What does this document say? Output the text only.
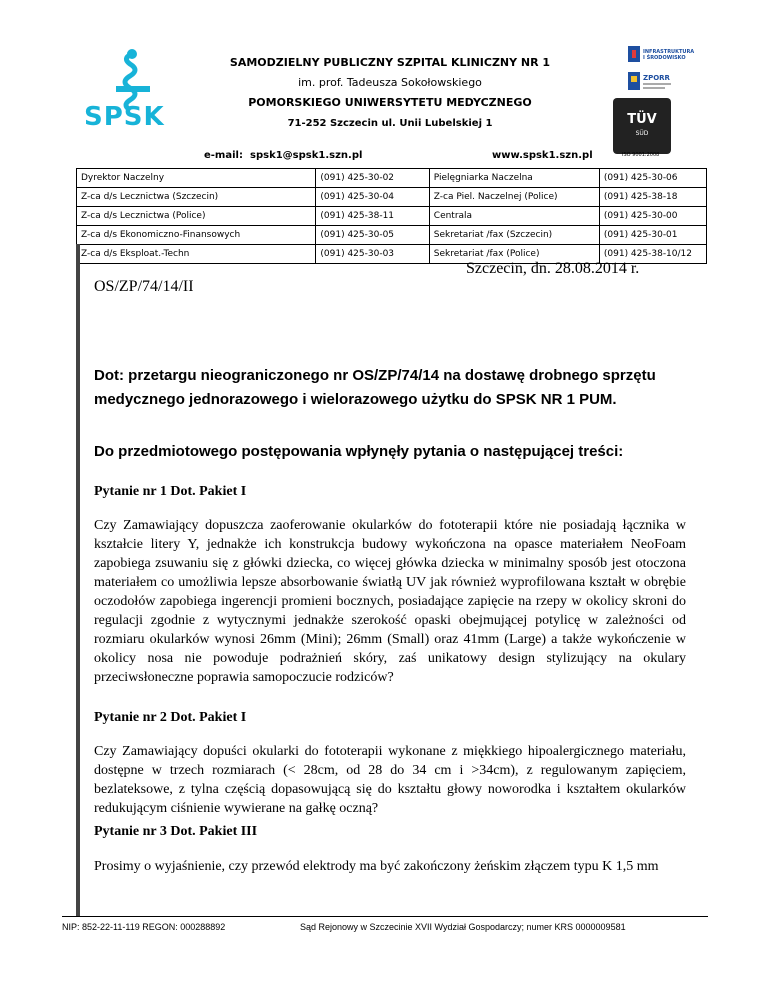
SPSK
SAMODZIELNY PUBLICZNY SZPITAL KLINICZNY NR 1
im. prof. Tadeusza Sokołowskiego
POMORSKIEGO UNIWERSYTETU MEDYCZNEGO
71-252 Szczecin ul. Unii Lubelskiej 1
e-mail: spsk1@spsk1.szn.pl	www.spsk1.szn.pl
INFRASTRUKTURA
I ŚRODOWISKO
ZPORR
TÜV
SÜD
ISO 9001:2008
Dyrektor Naczelny	(091) 425-30-02	Pielęgniarka Naczelna	(091) 425-30-06
Z-ca d/s Lecznictwa (Szczecin)	(091) 425-30-04	Z-ca Piel. Naczelnej (Police)	(091) 425-38-18
Z-ca d/s Lecznictwa (Police)	(091) 425-38-11	Centrala	(091) 425-30-00
Z-ca d/s Ekonomiczno-Finansowych	(091) 425-30-05	Sekretariat /fax (Szczecin)	(091) 425-30-01
Z-ca d/s Eksploat.-Techn	(091) 425-30-03	Sekretariat /fax (Police)	(091) 425-38-10/12
Szczecin, dn. 28.08.2014 r.
OS/ZP/74/14/II
Dot: przetargu nieograniczonego nr OS/ZP/74/14 na dostawę drobnego sprzętu medycznego jednorazowego i wielorazowego użytku do SPSK NR 1 PUM.
Do przedmiotowego postępowania wpłynęły pytania o następującej treści:
Pytanie nr 1 Dot. Pakiet I
Czy Zamawiający dopuszcza zaoferowanie okularków do fototerapii które nie posiadają łącznika w kształcie litery Y, jednakże ich konstrukcja budowy wykończona na opasce materiałem NeoFoam zapobiega zsuwaniu się z główki dziecka, co więcej główka dziecka w minimalny sposób jest otoczona materiałem co umożliwia lepsze absorbowanie światłą UV jak również wyprofilowana kształt w obrębie oczodołów zapobiega ingerencji promieni bocznych, posiadające zapięcie na rzepy w okolicy skroni do regulacji zgodnie z wytycznymi jednakże szerokość opaski obejmującej potylicę w zależności od rozmiaru okularków wynosi 26mm (Mini); 26mm (Small) oraz 41mm (Large) a także wykończenie w okolicy nosa nie powoduje podrażnień skóry, zaś unikatowy design stylizujący na okulary przeciwsłoneczne poprawia samopoczucie rodziców?
Pytanie nr 2 Dot. Pakiet I
Czy Zamawiający dopuści okularki do fototerapii wykonane z miękkiego hipoalergicznego materiału, dostępne w trzech rozmiarach (< 28cm, od 28 do 34 cm i >34cm), z regulowanym zapięciem, bezlateksowe, z tylna częścią dopasowującą się do kształtu głowy noworodka i kształtem okularków redukującym ciśnienie wywierane na gałkę oczną?
Pytanie nr 3 Dot. Pakiet III
Prosimy o wyjaśnienie, czy przewód elektrody ma być zakończony żeńskim złączem typu K 1,5 mm
NIP: 852-22-11-119 REGON: 000288892	Sąd Rejonowy w Szczecinie XVII Wydział Gospodarczy; numer KRS 0000009581
